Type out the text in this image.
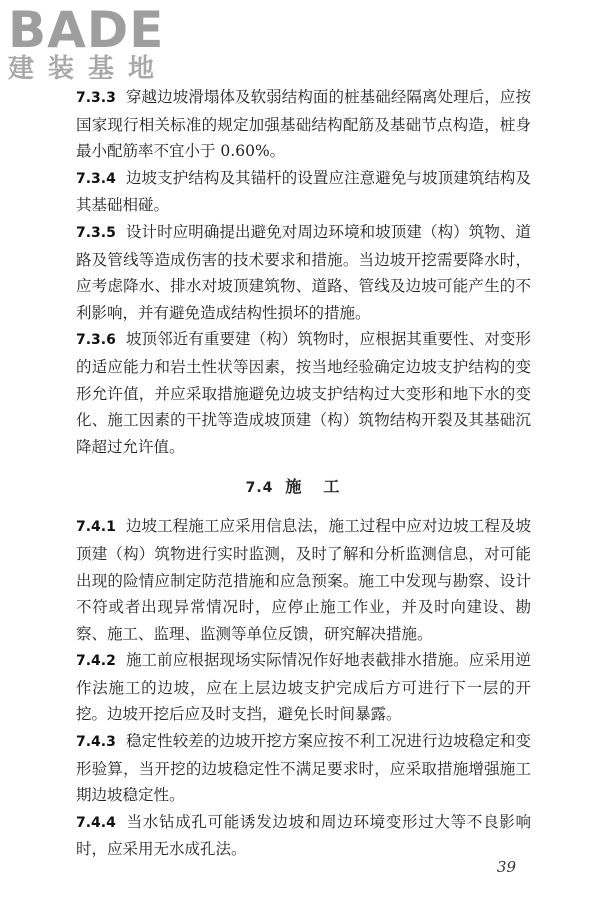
BADE
建装基地

7.3.3 穿越边坡滑塌体及软弱结构面的桩基础经隔离处理后，应按国家现行相关标准的规定加强基础结构配筋及基础节点构造，桩身最小配筋率不宜小于 0.60%。

7.3.4 边坡支护结构及其锚杆的设置应注意避免与坡顶建筑结构及其基础相碰。

7.3.5 设计时应明确提出避免对周边环境和坡顶建（构）筑物、道路及管线等造成伤害的技术要求和措施。当边坡开挖需要降水时，应考虑降水、排水对坡顶建筑物、道路、管线及边坡可能产生的不利影响，并有避免造成结构性损坏的措施。

7.3.6 坡顶邻近有重要建（构）筑物时，应根据其重要性、对变形的适应能力和岩土性状等因素，按当地经验确定边坡支护结构的变形允许值，并应采取措施避免边坡支护结构过大变形和地下水的变化、施工因素的干扰等造成坡顶建（构）筑物结构开裂及其基础沉降超过允许值。

7.4 施工

7.4.1 边坡工程施工应采用信息法，施工过程中应对边坡工程及坡顶建（构）筑物进行实时监测，及时了解和分析监测信息，对可能出现的险情应制定防范措施和应急预案。施工中发现与勘察、设计不符或者出现异常情况时，应停止施工作业，并及时向建设、勘察、施工、监理、监测等单位反馈，研究解决措施。

7.4.2 施工前应根据现场实际情况作好地表截排水措施。应采用逆作法施工的边坡，应在上层边坡支护完成后方可进行下一层的开挖。边坡开挖后应及时支挡，避免长时间暴露。

7.4.3 稳定性较差的边坡开挖方案应按不利工况进行边坡稳定和变形验算，当开挖的边坡稳定性不满足要求时，应采取措施增强施工期边坡稳定性。

7.4.4 当水钻成孔可能诱发边坡和周边环境变形过大等不良影响时，应采用无水成孔法。

39
